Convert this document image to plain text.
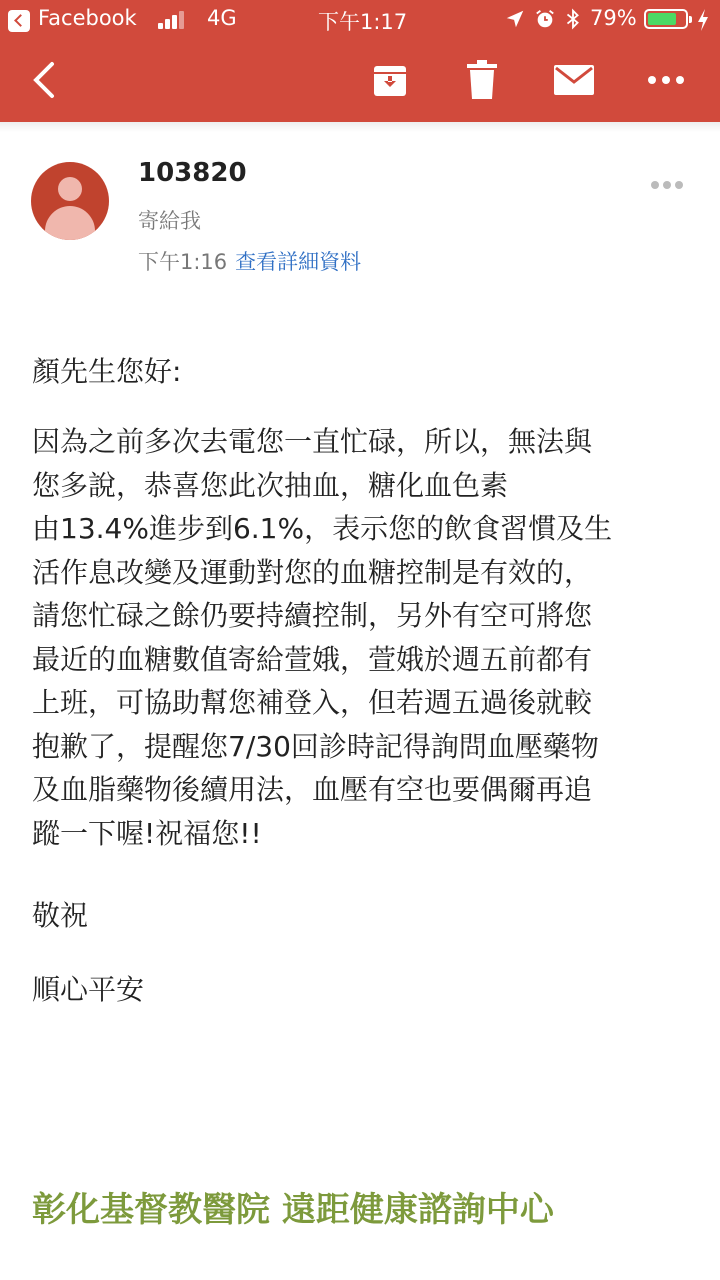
Facebook	4G	下午1:17	79%
103820
寄給我
下午1:16 查看詳細資料
顏先生您好:
因為之前多次去電您一直忙碌，所以，無法與
您多說，恭喜您此次抽血，糖化血色素
由13.4%進步到6.1%，表示您的飲食習慣及生
活作息改變及運動對您的血糖控制是有效的，
請您忙碌之餘仍要持續控制，另外有空可將您
最近的血糖數值寄給萱娥，萱娥於週五前都有
上班，可協助幫您補登入，但若週五過後就較
抱歉了，提醒您7/30回診時記得詢問血壓藥物
及血脂藥物後續用法，血壓有空也要偶爾再追
蹤一下喔!祝福您!!
敬祝
順心平安
彰化基督教醫院 遠距健康諮詢中心
